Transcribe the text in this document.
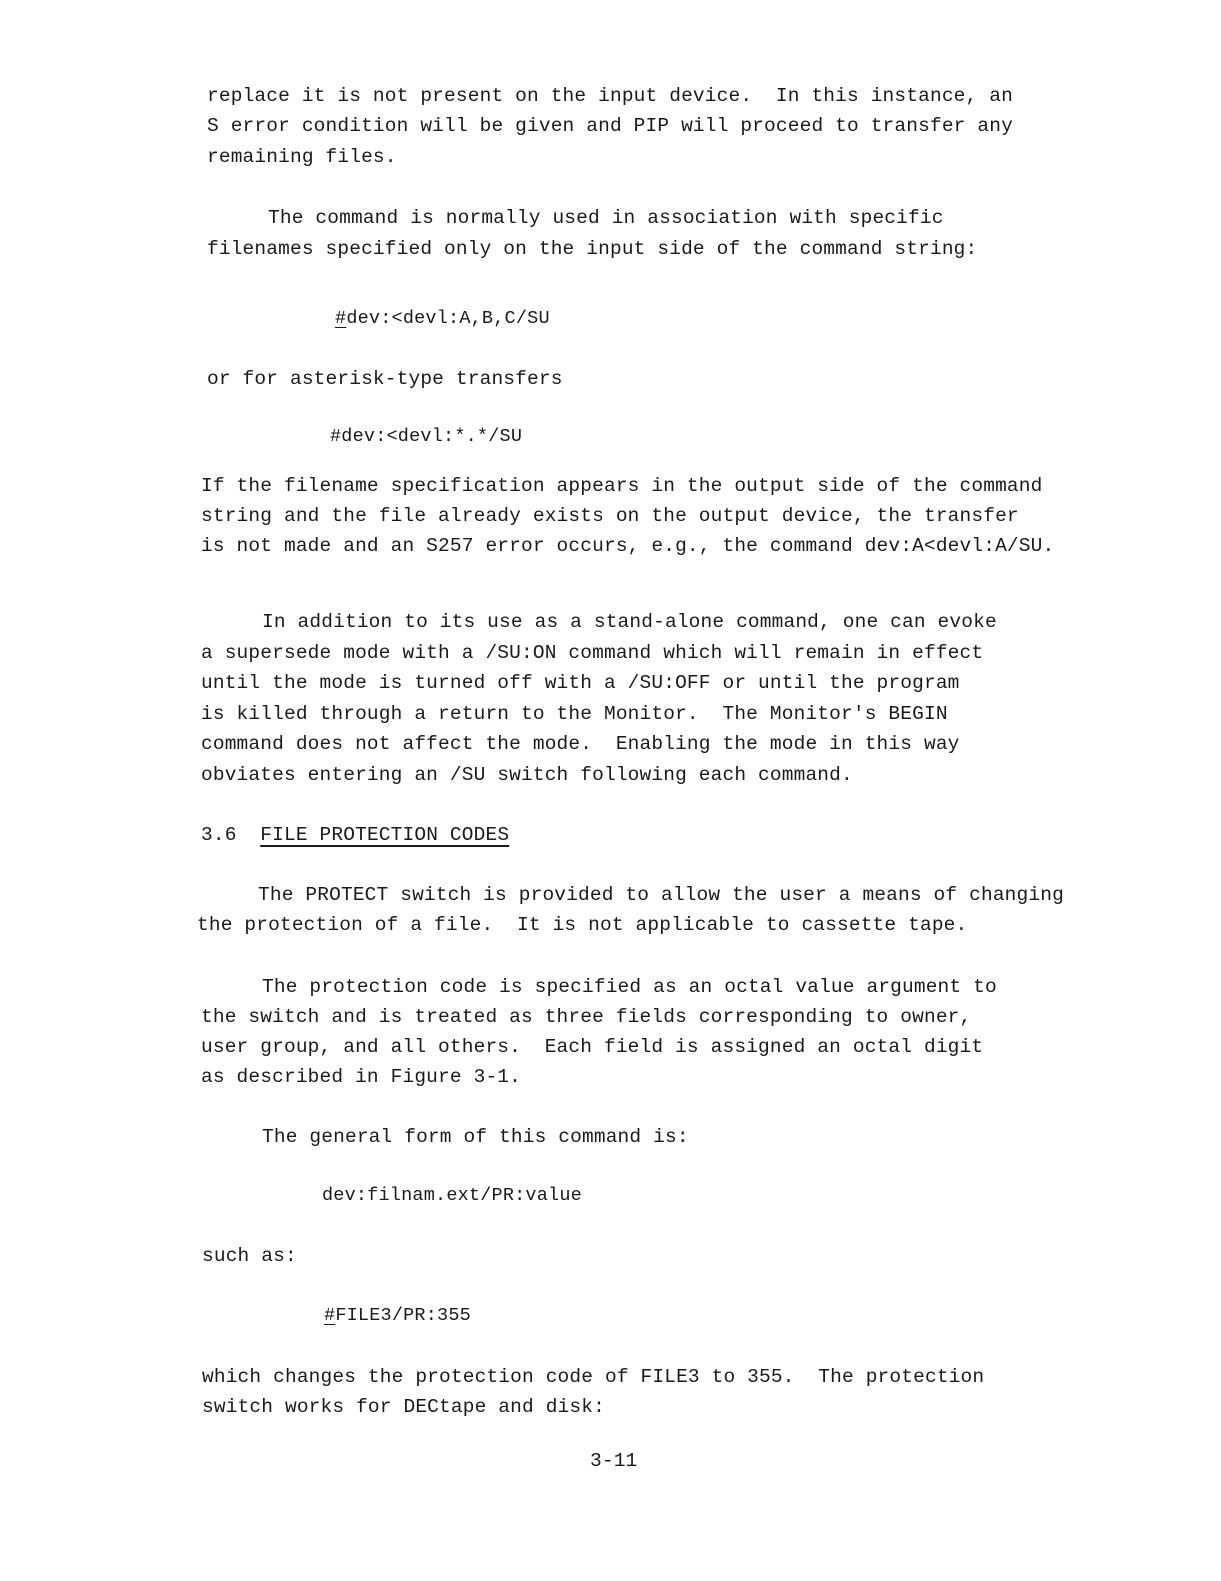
replace it is not present on the input device.  In this instance, an

S error condition will be given and PIP will proceed to transfer any

remaining files.

The command is normally used in association with specific

filenames specified only on the input side of the command string:

#dev:<devl:A,B,C/SU

or for asterisk-type transfers

#dev:<devl:*.*/SU

If the filename specification appears in the output side of the command

string and the file already exists on the output device, the transfer

is not made and an S257 error occurs, e.g., the command dev:A<devl:A/SU.

In addition to its use as a stand-alone command, one can evoke

a supersede mode with a /SU:ON command which will remain in effect

until the mode is turned off with a /SU:OFF or until the program

is killed through a return to the Monitor.  The Monitor's BEGIN

command does not affect the mode.  Enabling the mode in this way

obviates entering an /SU switch following each command.

3.6 FILE PROTECTION CODES

The PROTECT switch is provided to allow the user a means of changing

the protection of a file.  It is not applicable to cassette tape.

The protection code is specified as an octal value argument to

the switch and is treated as three fields corresponding to owner,

user group, and all others.  Each field is assigned an octal digit

as described in Figure 3-1.

The general form of this command is:

dev:filnam.ext/PR:value

such as:

#FILE3/PR:355

which changes the protection code of FILE3 to 355.  The protection

switch works for DECtape and disk:

3-11
